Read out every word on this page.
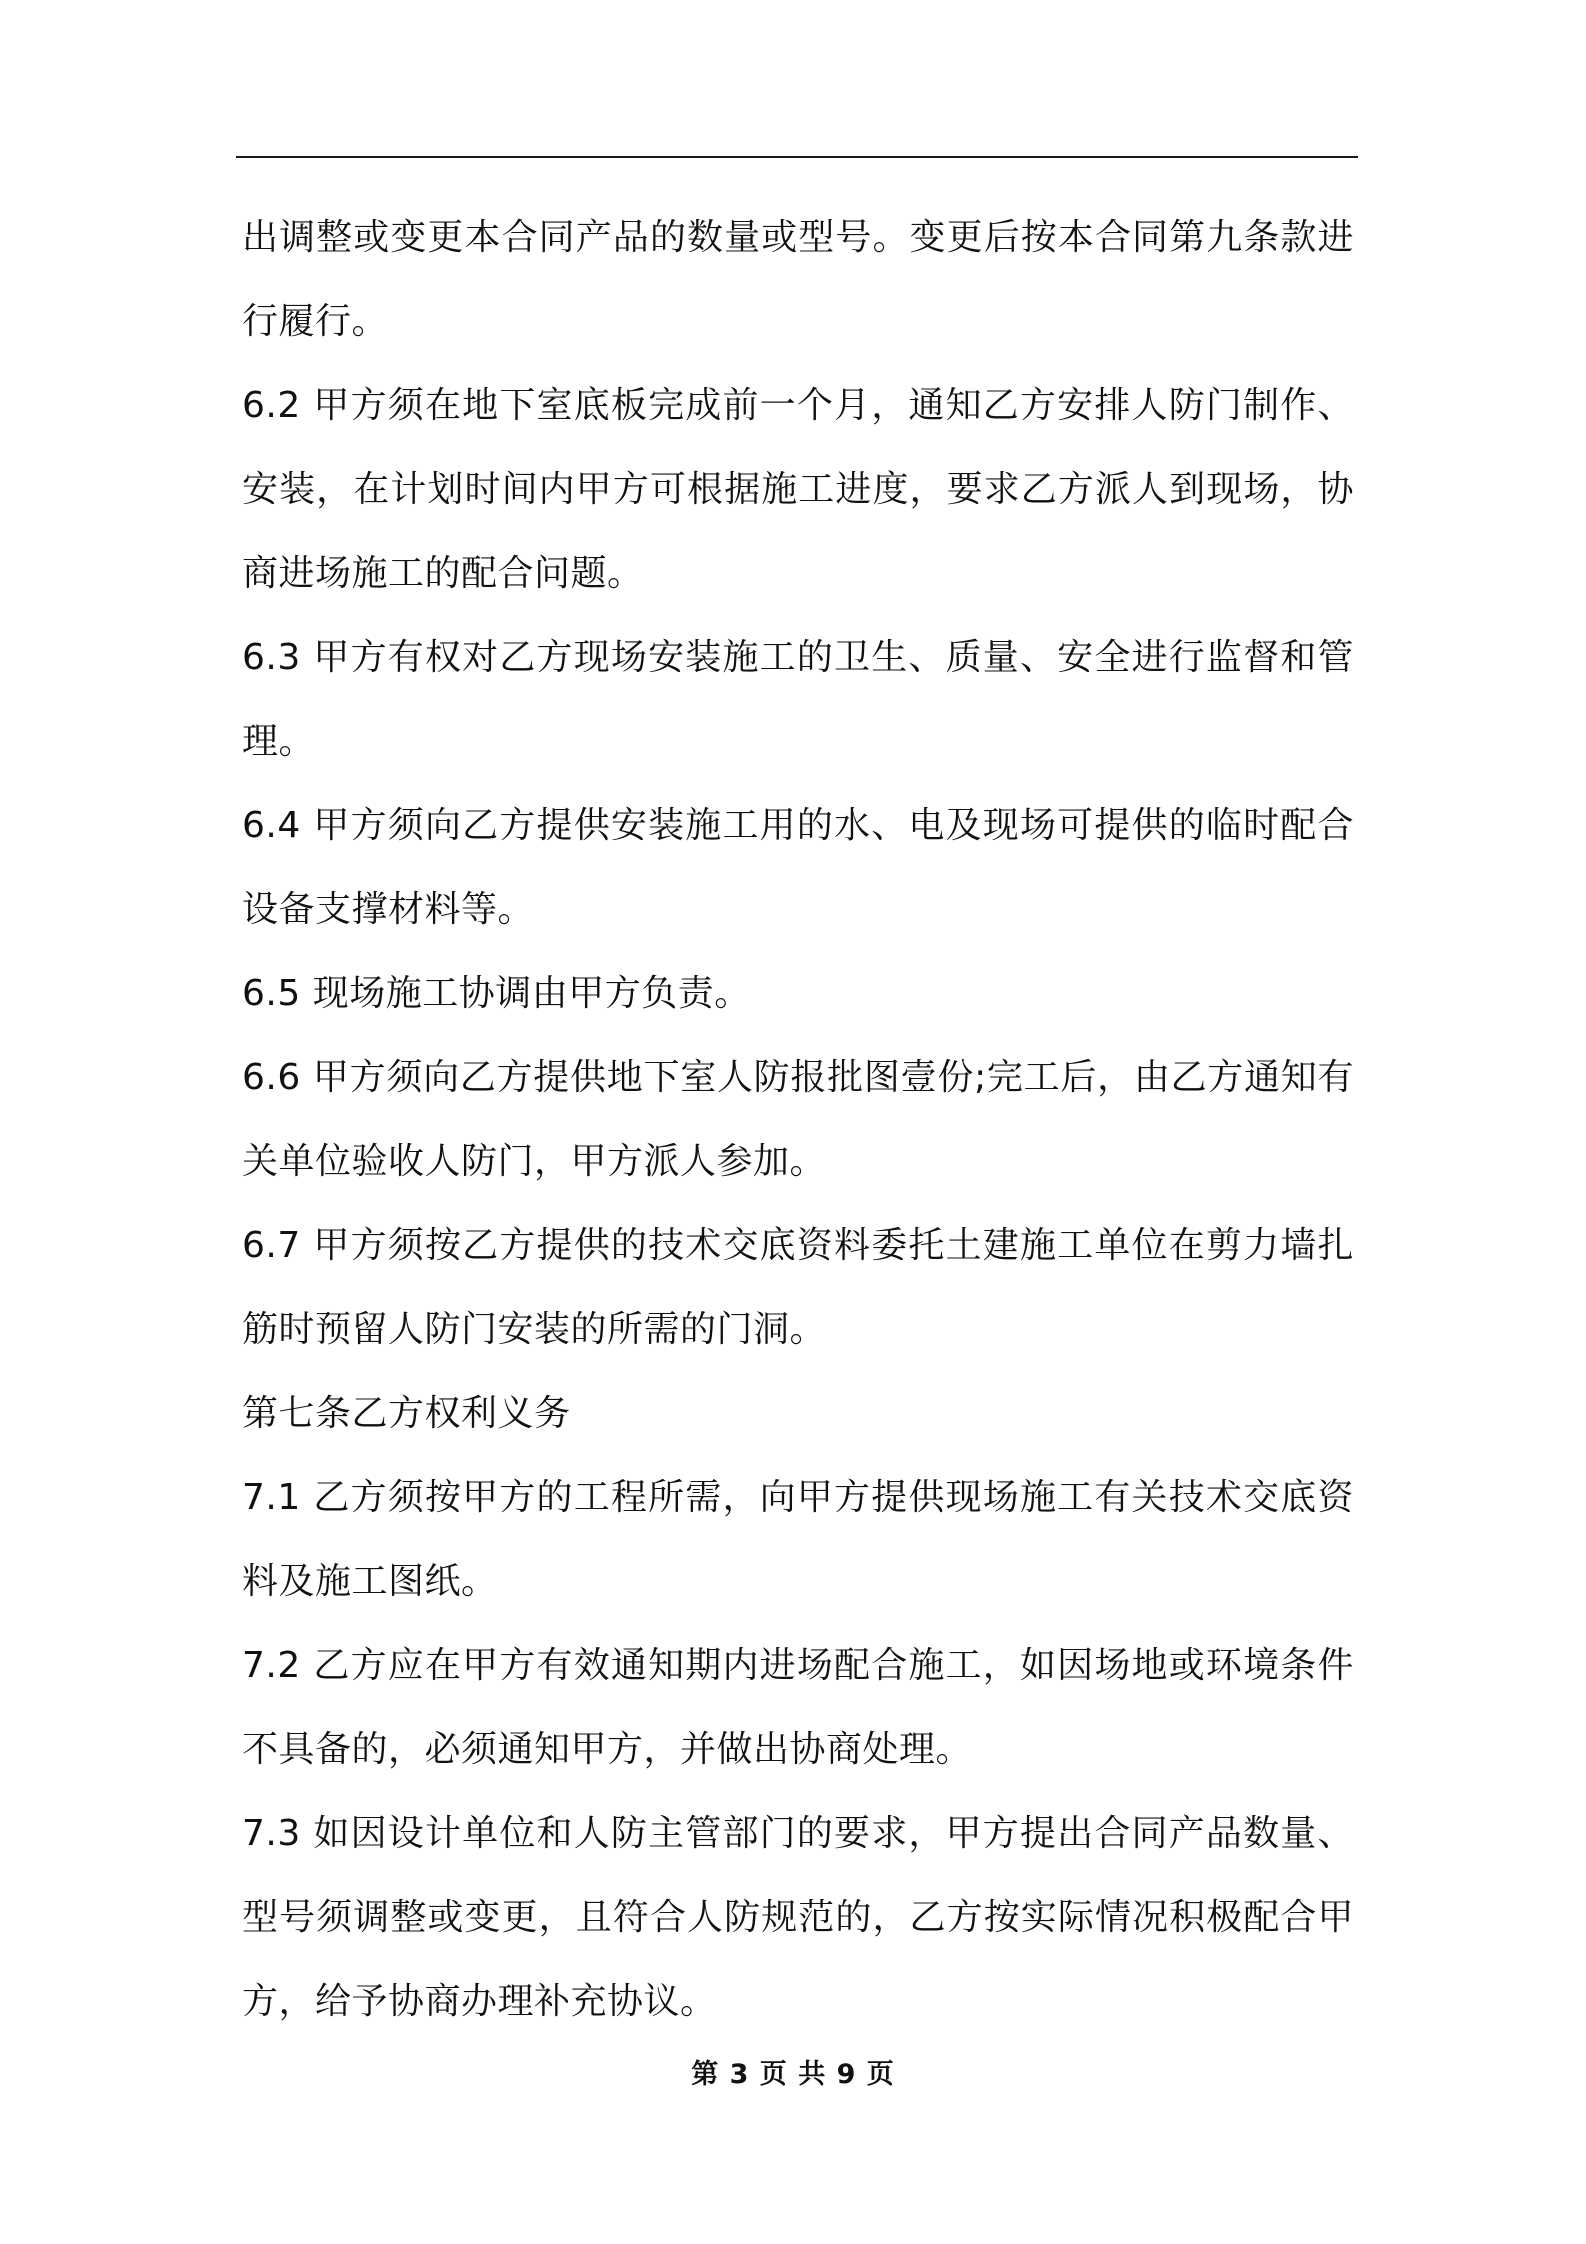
出调整或变更本合同产品的数量或型号。变更后按本合同第九条款进行履行。

6.2 甲方须在地下室底板完成前一个月，通知乙方安排人防门制作、安装，在计划时间内甲方可根据施工进度，要求乙方派人到现场，协商进场施工的配合问题。

6.3 甲方有权对乙方现场安装施工的卫生、质量、安全进行监督和管理。

6.4 甲方须向乙方提供安装施工用的水、电及现场可提供的临时配合设备支撑材料等。

6.5 现场施工协调由甲方负责。

6.6 甲方须向乙方提供地下室人防报批图壹份;完工后，由乙方通知有关单位验收人防门，甲方派人参加。

6.7 甲方须按乙方提供的技术交底资料委托土建施工单位在剪力墙扎筋时预留人防门安装的所需的门洞。

第七条乙方权利义务

7.1 乙方须按甲方的工程所需，向甲方提供现场施工有关技术交底资料及施工图纸。

7.2 乙方应在甲方有效通知期内进场配合施工，如因场地或环境条件不具备的，必须通知甲方，并做出协商处理。

7.3 如因设计单位和人防主管部门的要求，甲方提出合同产品数量、型号须调整或变更，且符合人防规范的，乙方按实际情况积极配合甲方，给予协商办理补充协议。

第 3 页 共 9 页
